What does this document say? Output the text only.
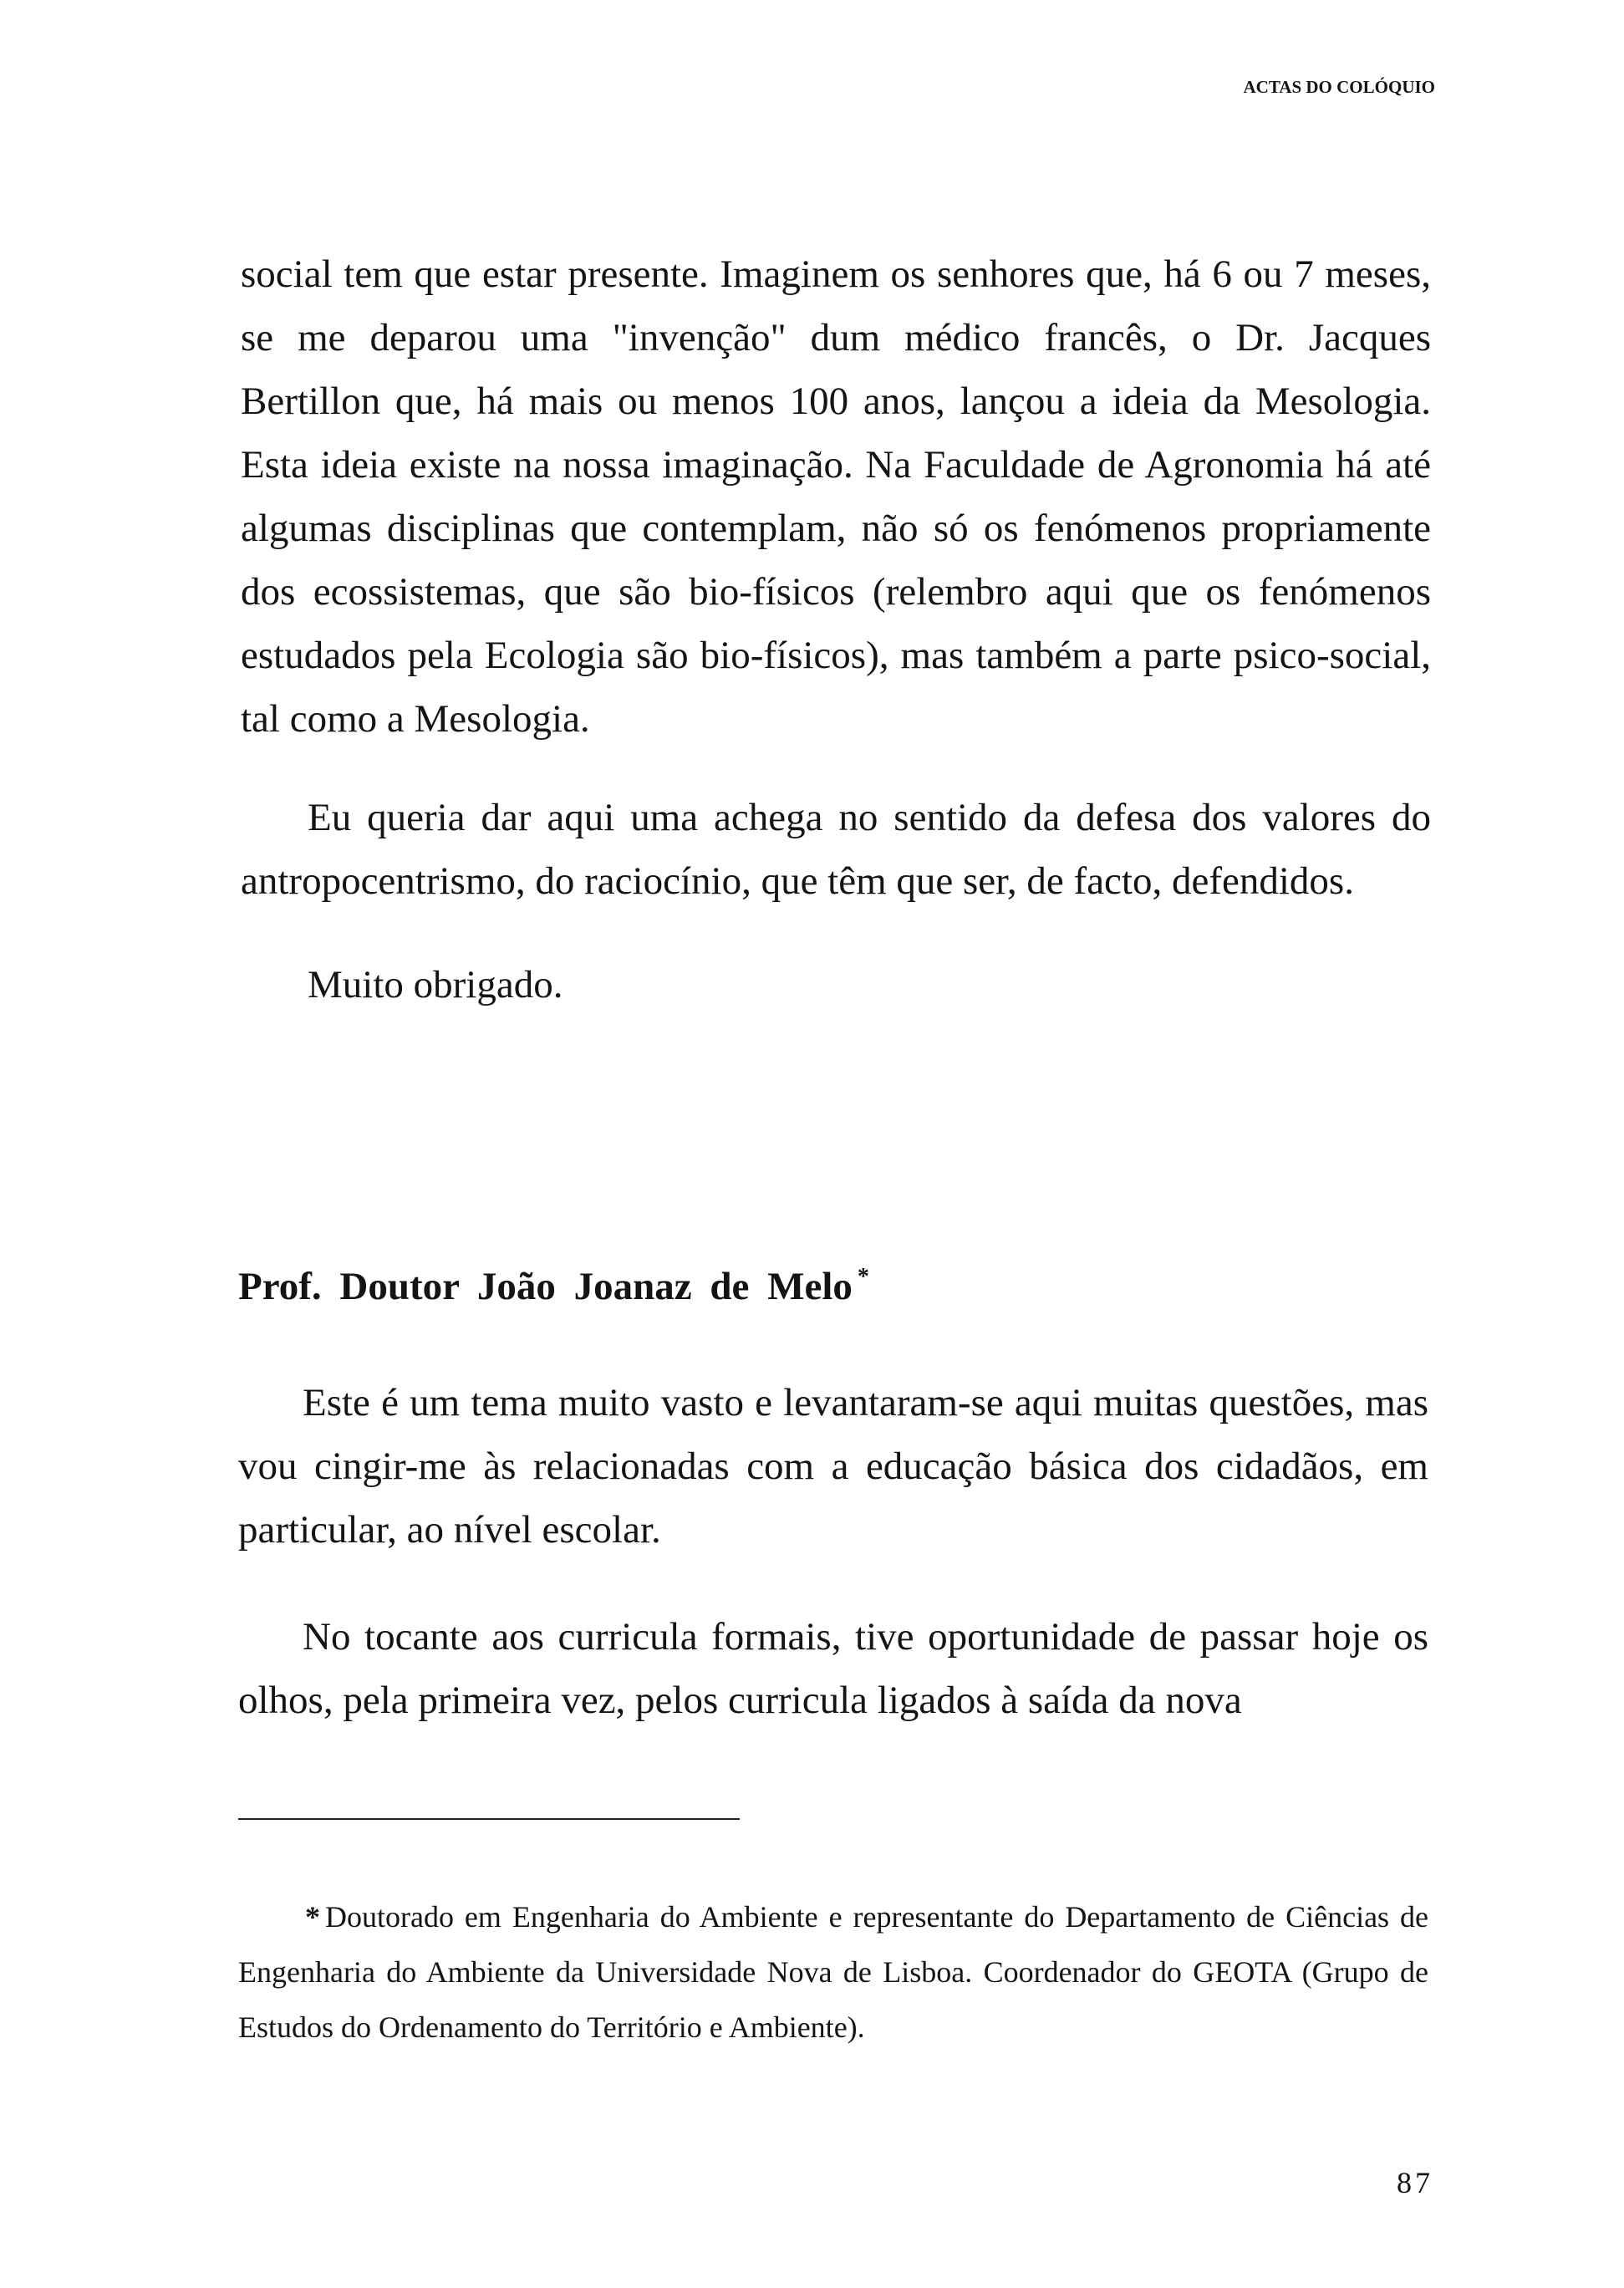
ACTAS DO COLÓQUIO

social tem que estar presente. Imaginem os senhores que, há 6 ou 7 meses, se me deparou uma "invenção" dum médico francês, o Dr. Jacques Bertillon que, há mais ou menos 100 anos, lançou a ideia da Mesologia. Esta ideia existe na nossa imaginação. Na Faculdade de Agronomia há até algumas disciplinas que contemplam, não só os fenómenos propriamente dos ecossistemas, que são bio-físicos (relembro aqui que os fenómenos estudados pela Ecologia são bio-físicos), mas também a parte psico-social, tal como a Mesologia.

Eu queria dar aqui uma achega no sentido da defesa dos valores do antropocentrismo, do raciocínio, que têm que ser, de facto, defendidos.

Muito obrigado.

Prof. Doutor João Joanaz de Melo *

Este é um tema muito vasto e levantaram-se aqui muitas questões, mas vou cingir-me às relacionadas com a educação básica dos cidadãos, em particular, ao nível escolar.

No tocante aos curricula formais, tive oportunidade de passar hoje os olhos, pela primeira vez, pelos curricula ligados à saída da nova

* Doutorado em Engenharia do Ambiente e representante do Departamento de Ciências de Engenharia do Ambiente da Universidade Nova de Lisboa. Coordenador do GEOTA (Grupo de Estudos do Ordenamento do Território e Ambiente).

87
